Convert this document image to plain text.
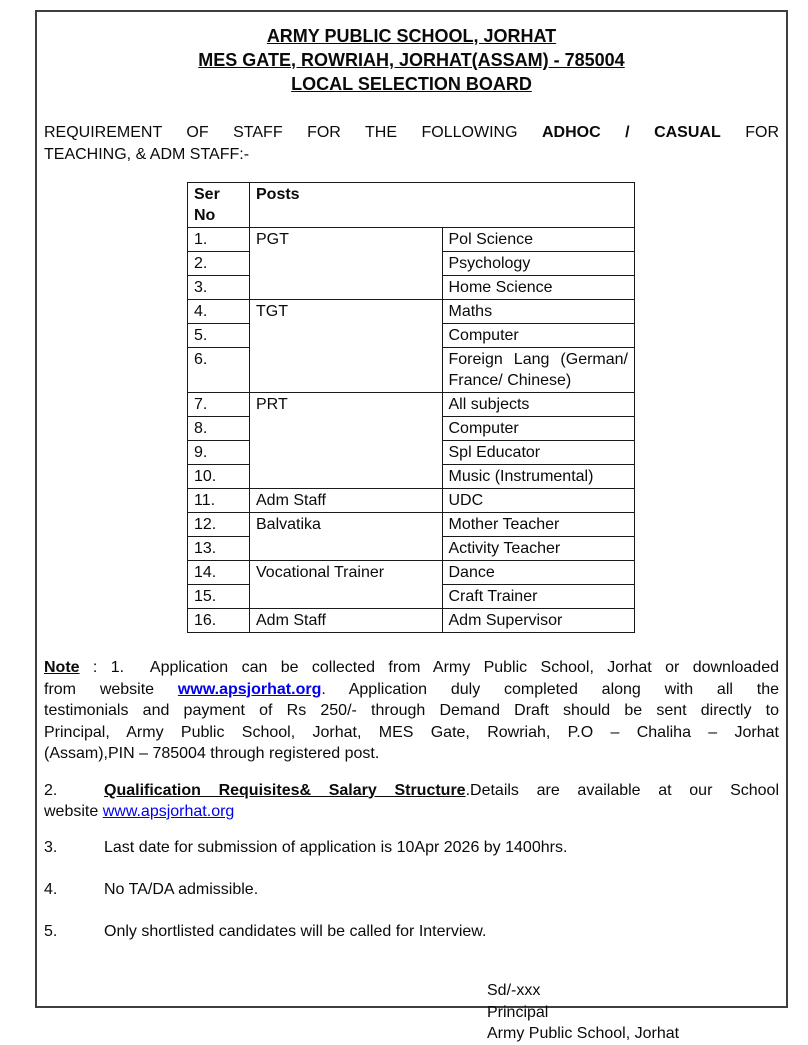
ARMY PUBLIC SCHOOL, JORHAT
MES GATE, ROWRIAH, JORHAT(ASSAM) - 785004
LOCAL SELECTION BOARD
REQUIREMENT OF STAFF FOR THE FOLLOWING ADHOC / CASUAL FOR
TEACHING, & ADM STAFF:-
Ser No	Posts	
1.	PGT	Pol Science
2.		Psychology
3.		Home Science
4.	TGT	Maths
5.		Computer
6.		Foreign Lang (German/ France/ Chinese)
7.	PRT	All subjects
8.		Computer
9.		Spl Educator
10.		Music (Instrumental)
11.	Adm Staff	UDC
12.	Balvatika	Mother Teacher
13.		Activity Teacher
14.	Vocational Trainer	Dance
15.		Craft Trainer
16.	Adm Staff	Adm Supervisor
Note : 1.  Application can be collected from Army Public School, Jorhat or downloaded
from website www.apsjorhat.org. Application duly completed along with all the
testimonials and payment of Rs 250/- through Demand Draft should be sent directly to
Principal, Army Public School, Jorhat, MES Gate, Rowriah, P.O – Chaliha – Jorhat
(Assam),PIN – 785004 through registered post.
2.	Qualification Requisites& Salary Structure.Details are available at our School
website www.apsjorhat.org
3.	Last date for submission of application is 10Apr 2026 by 1400hrs.
4.	No TA/DA admissible.
5.	Only shortlisted candidates will be called for Interview.
Sd/-xxx
Principal
Army Public School, Jorhat
